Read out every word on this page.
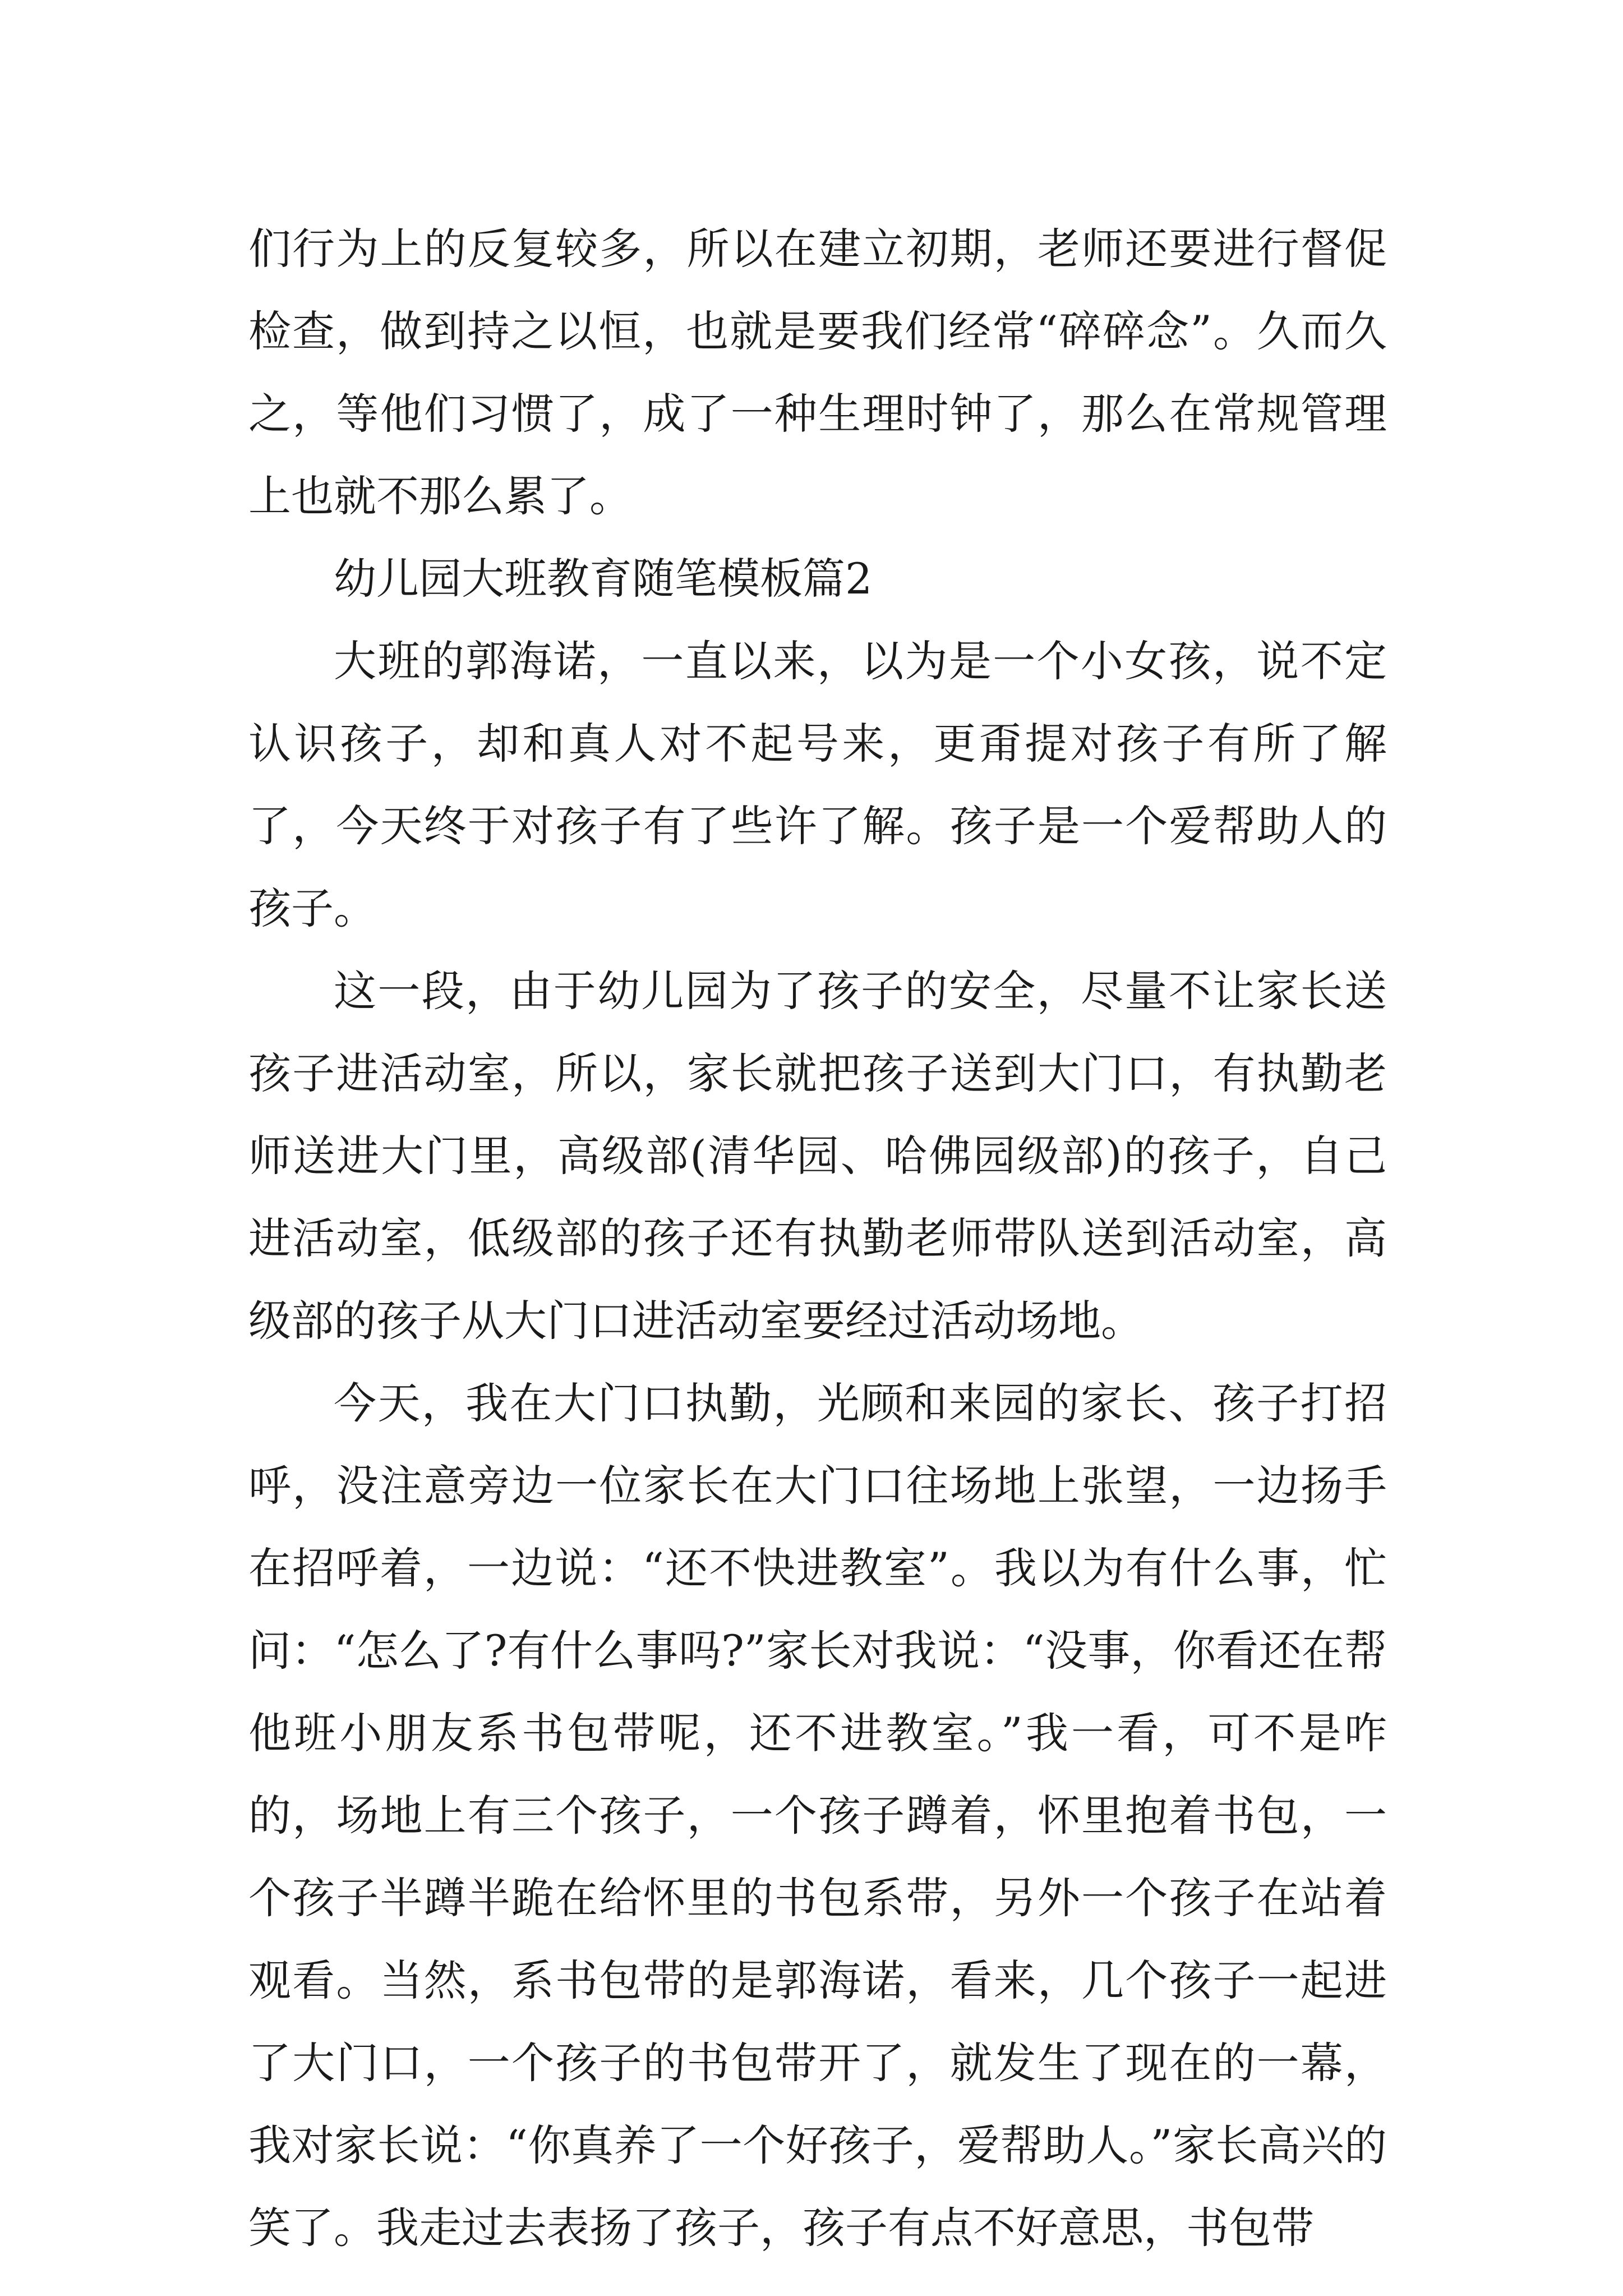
们行为上的反复较多，所以在建立初期，老师还要进行督促检查，做到持之以恒，也就是要我们经常“碎碎念”。久而久之，等他们习惯了，成了一种生理时钟了，那么在常规管理上也就不那么累了。

幼儿园大班教育随笔模板篇2

大班的郭海诺，一直以来，以为是一个小女孩，说不定认识孩子，却和真人对不起号来，更甭提对孩子有所了解了，今天终于对孩子有了些许了解。孩子是一个爱帮助人的孩子。

这一段，由于幼儿园为了孩子的安全，尽量不让家长送孩子进活动室，所以，家长就把孩子送到大门口，有执勤老师送进大门里，高级部(清华园、哈佛园级部)的孩子，自己进活动室，低级部的孩子还有执勤老师带队送到活动室，高级部的孩子从大门口进活动室要经过活动场地。

今天，我在大门口执勤，光顾和来园的家长、孩子打招呼，没注意旁边一位家长在大门口往场地上张望，一边扬手在招呼着，一边说：“还不快进教室”。我以为有什么事，忙问：“怎么了?有什么事吗?”家长对我说：“没事，你看还在帮他班小朋友系书包带呢，还不进教室。”我一看，可不是咋的，场地上有三个孩子，一个孩子蹲着，怀里抱着书包，一个孩子半蹲半跪在给怀里的书包系带，另外一个孩子在站着观看。当然，系书包带的是郭海诺，看来，几个孩子一起进了大门口，一个孩子的书包带开了，就发生了现在的一幕，我对家长说：“你真养了一个好孩子，爱帮助人。”家长高兴的笑了。我走过去表扬了孩子，孩子有点不好意思，书包带
